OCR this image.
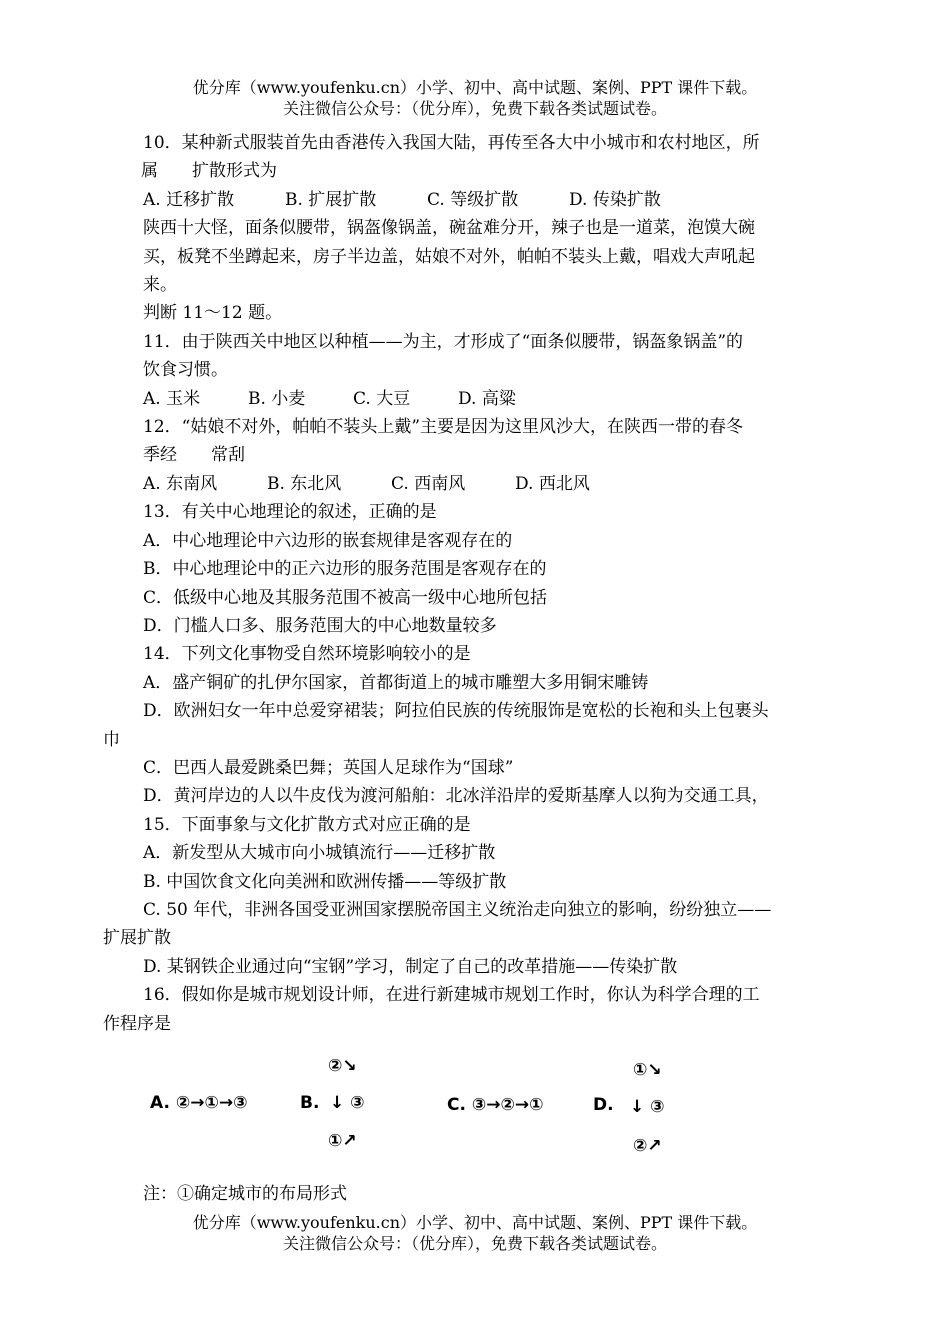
优分库（www.youfenku.cn）小学、初中、高中试题、案例、PPT 课件下载。
关注微信公众号：（优分库），免费下载各类试题试卷。

10．某种新式服装首先由香港传入我国大陆，再传至各大中小城市和农村地区，所

属　　扩散形式为

A. 迁移扩散	B. 扩展扩散	C. 等级扩散	D. 传染扩散

陕西十大怪，面条似腰带，锅盔像锅盖，碗盆难分开，辣子也是一道菜，泡馍大碗

买，板凳不坐蹲起来，房子半边盖，姑娘不对外，帕帕不装头上戴，唱戏大声吼起

来。

判断 11～12 题。

11．由于陕西关中地区以种植——为主，才形成了“面条似腰带，锅盔象锅盖”的

饮食习惯。

A. 玉米	B. 小麦	C. 大豆	D. 高粱

12．“姑娘不对外，帕帕不装头上戴”主要是因为这里风沙大，在陕西一带的春冬

季经　　常刮

A. 东南风	B. 东北风	C. 西南风	D. 西北风

13．有关中心地理论的叙述，正确的是

A．中心地理论中六边形的嵌套规律是客观存在的

B．中心地理论中的正六边形的服务范围是客观存在的

C．低级中心地及其服务范围不被高一级中心地所包括

D．门槛人口多、服务范围大的中心地数量较多

14．下列文化事物受自然环境影响较小的是

A．盛产铜矿的扎伊尔国家，首都街道上的城市雕塑大多用铜宋雕铸

D．欧洲妇女一年中总爱穿裙装；阿拉伯民族的传统服饰是宽松的长袍和头上包裹头

巾

C．巴西人最爱跳桑巴舞；英国人足球作为“国球”

D．黄河岸边的人以牛皮伐为渡河船舶：北冰洋沿岸的爱斯基摩人以狗为交通工具，

15．下面事象与文化扩散方式对应正确的是

A．新发型从大城市向小城镇流行——迁移扩散

B. 中国饮食文化向美洲和欧洲传播——等级扩散

C. 50 年代，非洲各国受亚洲国家摆脱帝国主义统治走向独立的影响，纷纷独立——

扩展扩散

D. 某钢铁企业通过向“宝钢”学习，制定了自己的改革措施——传染扩散

16．假如你是城市规划设计师，在进行新建城市规划工作时，你认为科学合理的工

作程序是

A. ②→①→③	B.
②↘
↓ ③
①↗
C. ③→②→①	D.
①↘
↓ ③
②↗
注：①确定城市的布局形式
优分库（www.youfenku.cn）小学、初中、高中试题、案例、PPT 课件下载。
关注微信公众号：（优分库），免费下载各类试题试卷。
